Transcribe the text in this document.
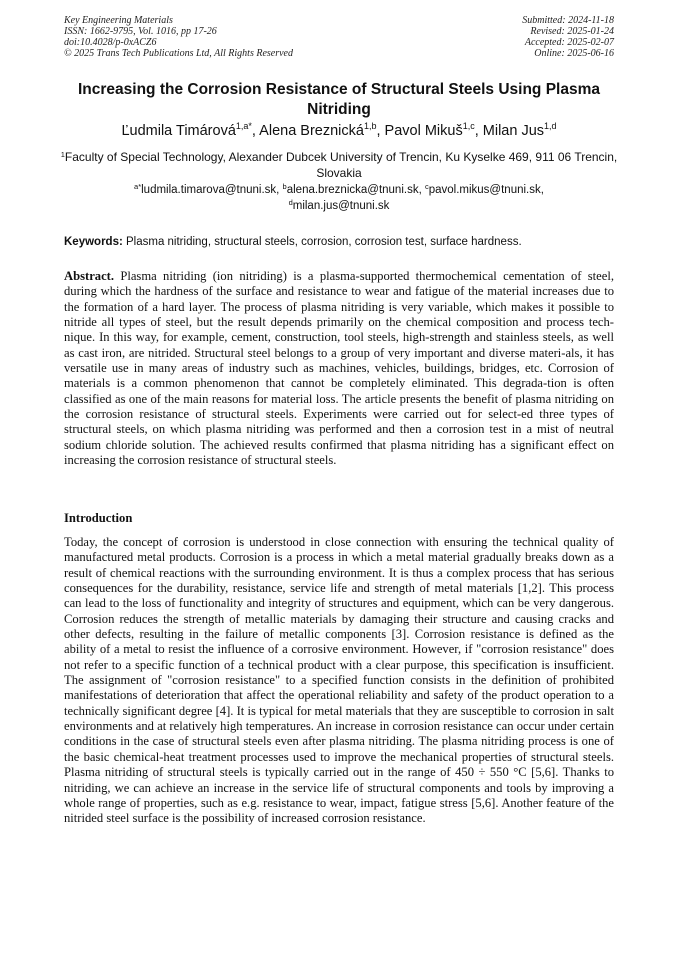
Key Engineering Materials
ISSN: 1662-9795, Vol. 1016, pp 17-26
doi:10.4028/p-0xACZ6
© 2025 Trans Tech Publications Ltd, All Rights Reserved
Submitted: 2024-11-18
Revised: 2025-01-24
Accepted: 2025-02-07
Online: 2025-06-16
Increasing the Corrosion Resistance of Structural Steels Using Plasma Nitriding
Ľudmila Timárová$^{1,a*}$, Alena Breznická$^{1,b}$, Pavol Mikuš$^{1,c}$, Milan Jus$^{1,d}$
$^1$Faculty of Special Technology, Alexander Dubcek University of Trencin, Ku Kyselke 469, 911 06 Trencin, Slovakia
$^{a*}$ludmila.timarova@tnuni.sk, $^b$alena.breznicka@tnuni.sk, $^c$pavol.mikus@tnuni.sk,
$^d$milan.jus@tnuni.sk
Keywords: Plasma nitriding, structural steels, corrosion, corrosion test, surface hardness.
Abstract. Plasma nitriding (ion nitriding) is a plasma-supported thermochemical cementation of steel, during which the hardness of the surface and resistance to wear and fatigue of the material increases due to the formation of a hard layer. The process of plasma nitriding is very variable, which makes it possible to nitride all types of steel, but the result depends primarily on the chemical composition and process tech-nique. In this way, for example, cement, construction, tool steels, high-strength and stainless steels, as well as cast iron, are nitrided. Structural steel belongs to a group of very important and diverse materi-als, it has versatile use in many areas of industry such as machines, vehicles, buildings, bridges, etc. Corrosion of materials is a common phenomenon that cannot be completely eliminated. This degrada-tion is often classified as one of the main reasons for material loss. The article presents the benefit of plasma nitriding on the corrosion resistance of structural steels. Experiments were carried out for select-ed three types of structural steels, on which plasma nitriding was performed and then a corrosion test in a mist of neutral sodium chloride solution. The achieved results confirmed that plasma nitriding has a significant effect on increasing the corrosion resistance of structural steels.
Introduction
Today, the concept of corrosion is understood in close connection with ensuring the technical quality of manufactured metal products. Corrosion is a process in which a metal material gradually breaks down as a result of chemical reactions with the surrounding environment. It is thus a complex process that has serious consequences for the durability, resistance, service life and strength of metal materials [1,2]. This process can lead to the loss of functionality and integrity of structures and equipment, which can be very dangerous. Corrosion reduces the strength of metallic materials by damaging their structure and causing cracks and other defects, resulting in the failure of metallic components [3]. Corrosion resistance is defined as the ability of a metal to resist the influence of a corrosive environment. However, if "corrosion resistance" does not refer to a specific function of a technical product with a clear purpose, this specification is insufficient. The assignment of "corrosion resistance" to a specified function consists in the definition of prohibited manifestations of deterioration that affect the operational reliability and safety of the product operation to a technically significant degree [4]. It is typical for metal materials that they are susceptible to corrosion in salt environments and at relatively high temperatures. An increase in corrosion resistance can occur under certain conditions in the case of structural steels even after plasma nitriding. The plasma nitriding process is one of the basic chemical-heat treatment processes used to improve the mechanical properties of structural steels. Plasma nitriding of structural steels is typically carried out in the range of 450 ÷ 550 °C [5,6]. Thanks to nitriding, we can achieve an increase in the service life of structural components and tools by improving a whole range of properties, such as e.g. resistance to wear, impact, fatigue stress [5,6]. Another feature of the nitrided steel surface is the possibility of increased corrosion resistance.
